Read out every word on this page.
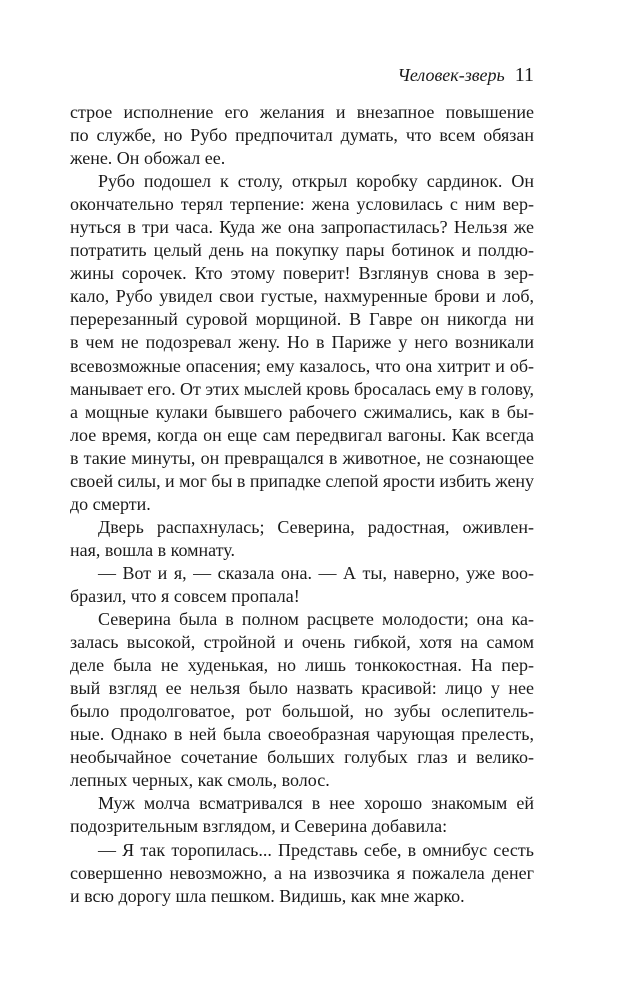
Человек-зверь 11
строе исполнение его желания и внезапное повышение
по службе, но Рубо предпочитал думать, что всем обязан
жене. Он обожал ее.
Рубо подошел к столу, открыл коробку сардинок. Он
окончательно терял терпение: жена условилась с ним вер-
нуться в три часа. Куда же она запропастилась? Нельзя же
потратить целый день на покупку пары ботинок и полдю-
жины сорочек. Кто этому поверит! Взглянув снова в зер-
кало, Рубо увидел свои густые, нахмуренные брови и лоб,
перерезанный суровой морщиной. В Гавре он никогда ни
в чем не подозревал жену. Но в Париже у него возникали
всевозможные опасения; ему казалось, что она хитрит и об-
манывает его. От этих мыслей кровь бросалась ему в голову,
а мощные кулаки бывшего рабочего сжимались, как в бы-
лое время, когда он еще сам передвигал вагоны. Как всегда
в такие минуты, он превращался в животное, не сознающее
своей силы, и мог бы в припадке слепой ярости избить жену
до смерти.
Дверь распахнулась; Северина, радостная, оживлен-
ная, вошла в комнату.
— Вот и я, — сказала она. — А ты, наверно, уже воо-
бразил, что я совсем пропала!
Северина была в полном расцвете молодости; она ка-
залась высокой, стройной и очень гибкой, хотя на самом
деле была не худенькая, но лишь тонкокостная. На пер-
вый взгляд ее нельзя было назвать красивой: лицо у нее
было продолговатое, рот большой, но зубы ослепитель-
ные. Однако в ней была своеобразная чарующая прелесть,
необычайное сочетание больших голубых глаз и велико-
лепных черных, как смоль, волос.
Муж молча всматривался в нее хорошо знакомым ей
подозрительным взглядом, и Северина добавила:
— Я так торопилась... Представь себе, в омнибус сесть
совершенно невозможно, а на извозчика я пожалела денег
и всю дорогу шла пешком. Видишь, как мне жарко.
